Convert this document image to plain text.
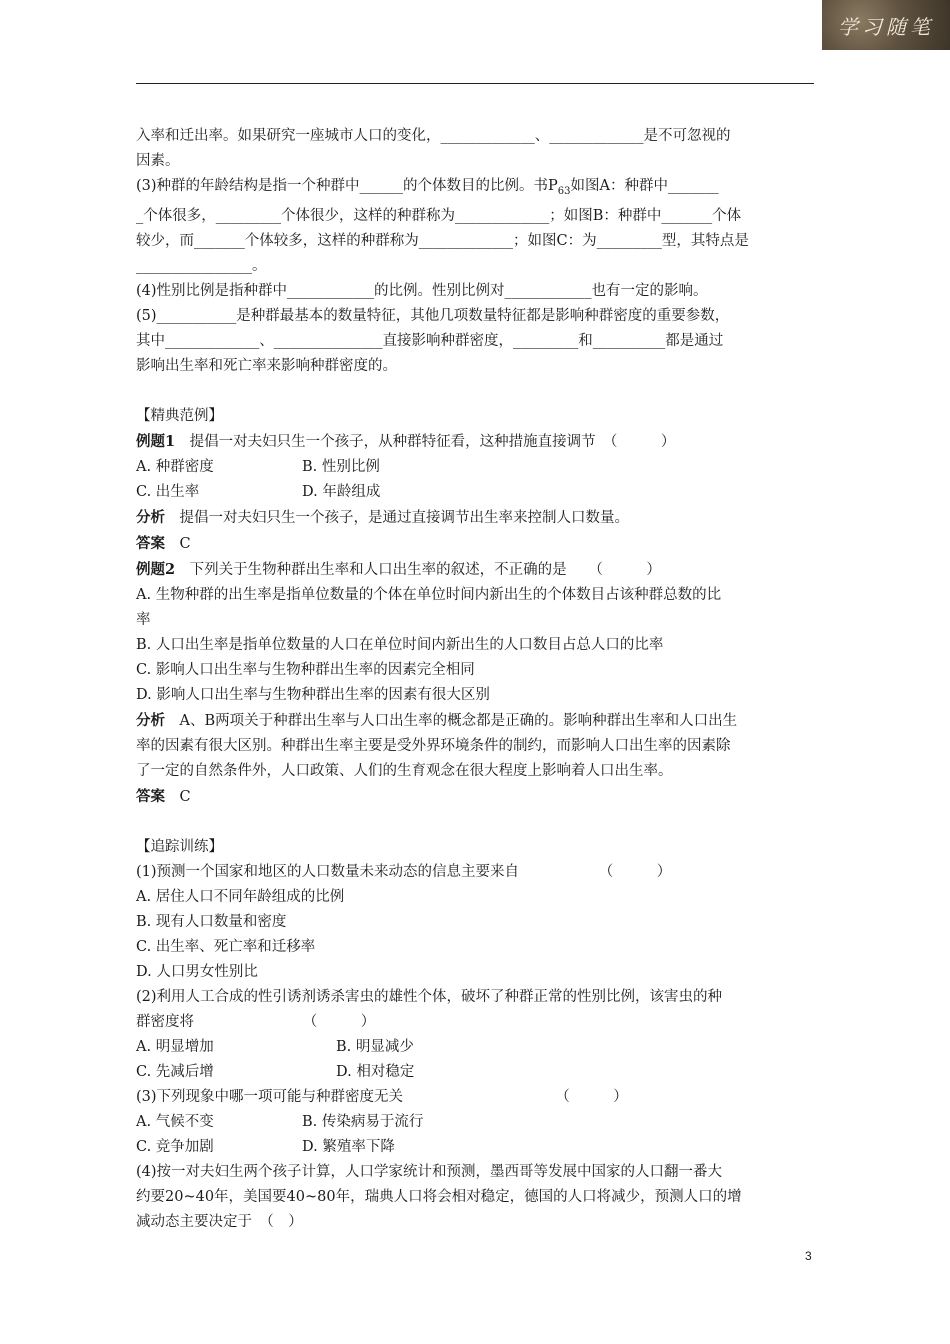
学习随笔

入率和迁出率。如果研究一座城市人口的变化，_____________、_____________是不可忽视的

因素。

(3)种群的年龄结构是指一个种群中______的个体数目的比例。书$P_{63}$如图A：种群中_______

_个体很多，_________个体很少，这样的种群称为_____________；如图B：种群中_______个体

较少，而_______个体较多，这样的种群称为_____________；如图C：为_________型，其特点是

________________。

(4)性别比例是指种群中____________的比例。性别比例对____________也有一定的影响。

(5)___________是种群最基本的数量特征，其他几项数量特征都是影响种群密度的重要参数，

其中_____________、_______________直接影响种群密度，_________和__________都是通过

影响出生率和死亡率来影响种群密度的。

【精典范例】

例题1　 提倡一对夫妇只生一个孩子，从种群特征看，这种措施直接调节　 （　　　）

A. 种群密度	B. 性别比例
C. 出生率	D. 年龄组成

分析　 提倡一对夫妇只生一个孩子，是通过直接调节出生率来控制人口数量。

答案　 C

例题2　 下列关于生物种群出生率和人口出生率的叙述，不正确的是　　 （　　　）

A. 生物种群的出生率是指单位数量的个体在单位时间内新出生的个体数目占该种群总数的比

率

B. 人口出生率是指单位数量的人口在单位时间内新出生的人口数目占总人口的比率

C. 影响人口出生率与生物种群出生率的因素完全相同

D. 影响人口出生率与生物种群出生率的因素有很大区别

分析　 A、B两项关于种群出生率与人口出生率的概念都是正确的。影响种群出生率和人口出生

率的因素有很大区别。种群出生率主要是受外界环境条件的制约，而影响人口出生率的因素除

了一定的自然条件外，人口政策、人们的生育观念在很大程度上影响着人口出生率。

答案　 C

【追踪训练】

(1)预测一个国家和地区的人口数量未来动态的信息主要来自　　　　　　	（　　　）

A. 居住人口不同年龄组成的比例

B. 现有人口数量和密度

C. 出生率、死亡率和迁移率

D. 人口男女性别比

(2)利用人工合成的性引诱剂诱杀害虫的雄性个体，破坏了种群正常的性别比例，该害虫的种

群密度将　　　　　　　　	（　　　）

A. 明显增加	B. 明显减少
C. 先减后增	D. 相对稳定

(3)下列现象中哪一项可能与种群密度无关　　　　　　　　　　　	（　　　）

A. 气候不变	B. 传染病易于流行
C. 竞争加剧	D. 繁殖率下降

(4)按一对夫妇生两个孩子计算，人口学家统计和预测，墨西哥等发展中国家的人口翻一番大

约要20~40年，美国要40~80年，瑞典人口将会相对稳定，德国的人口将减少，预测人口的增

减动态主要决定于　 （　）

3
